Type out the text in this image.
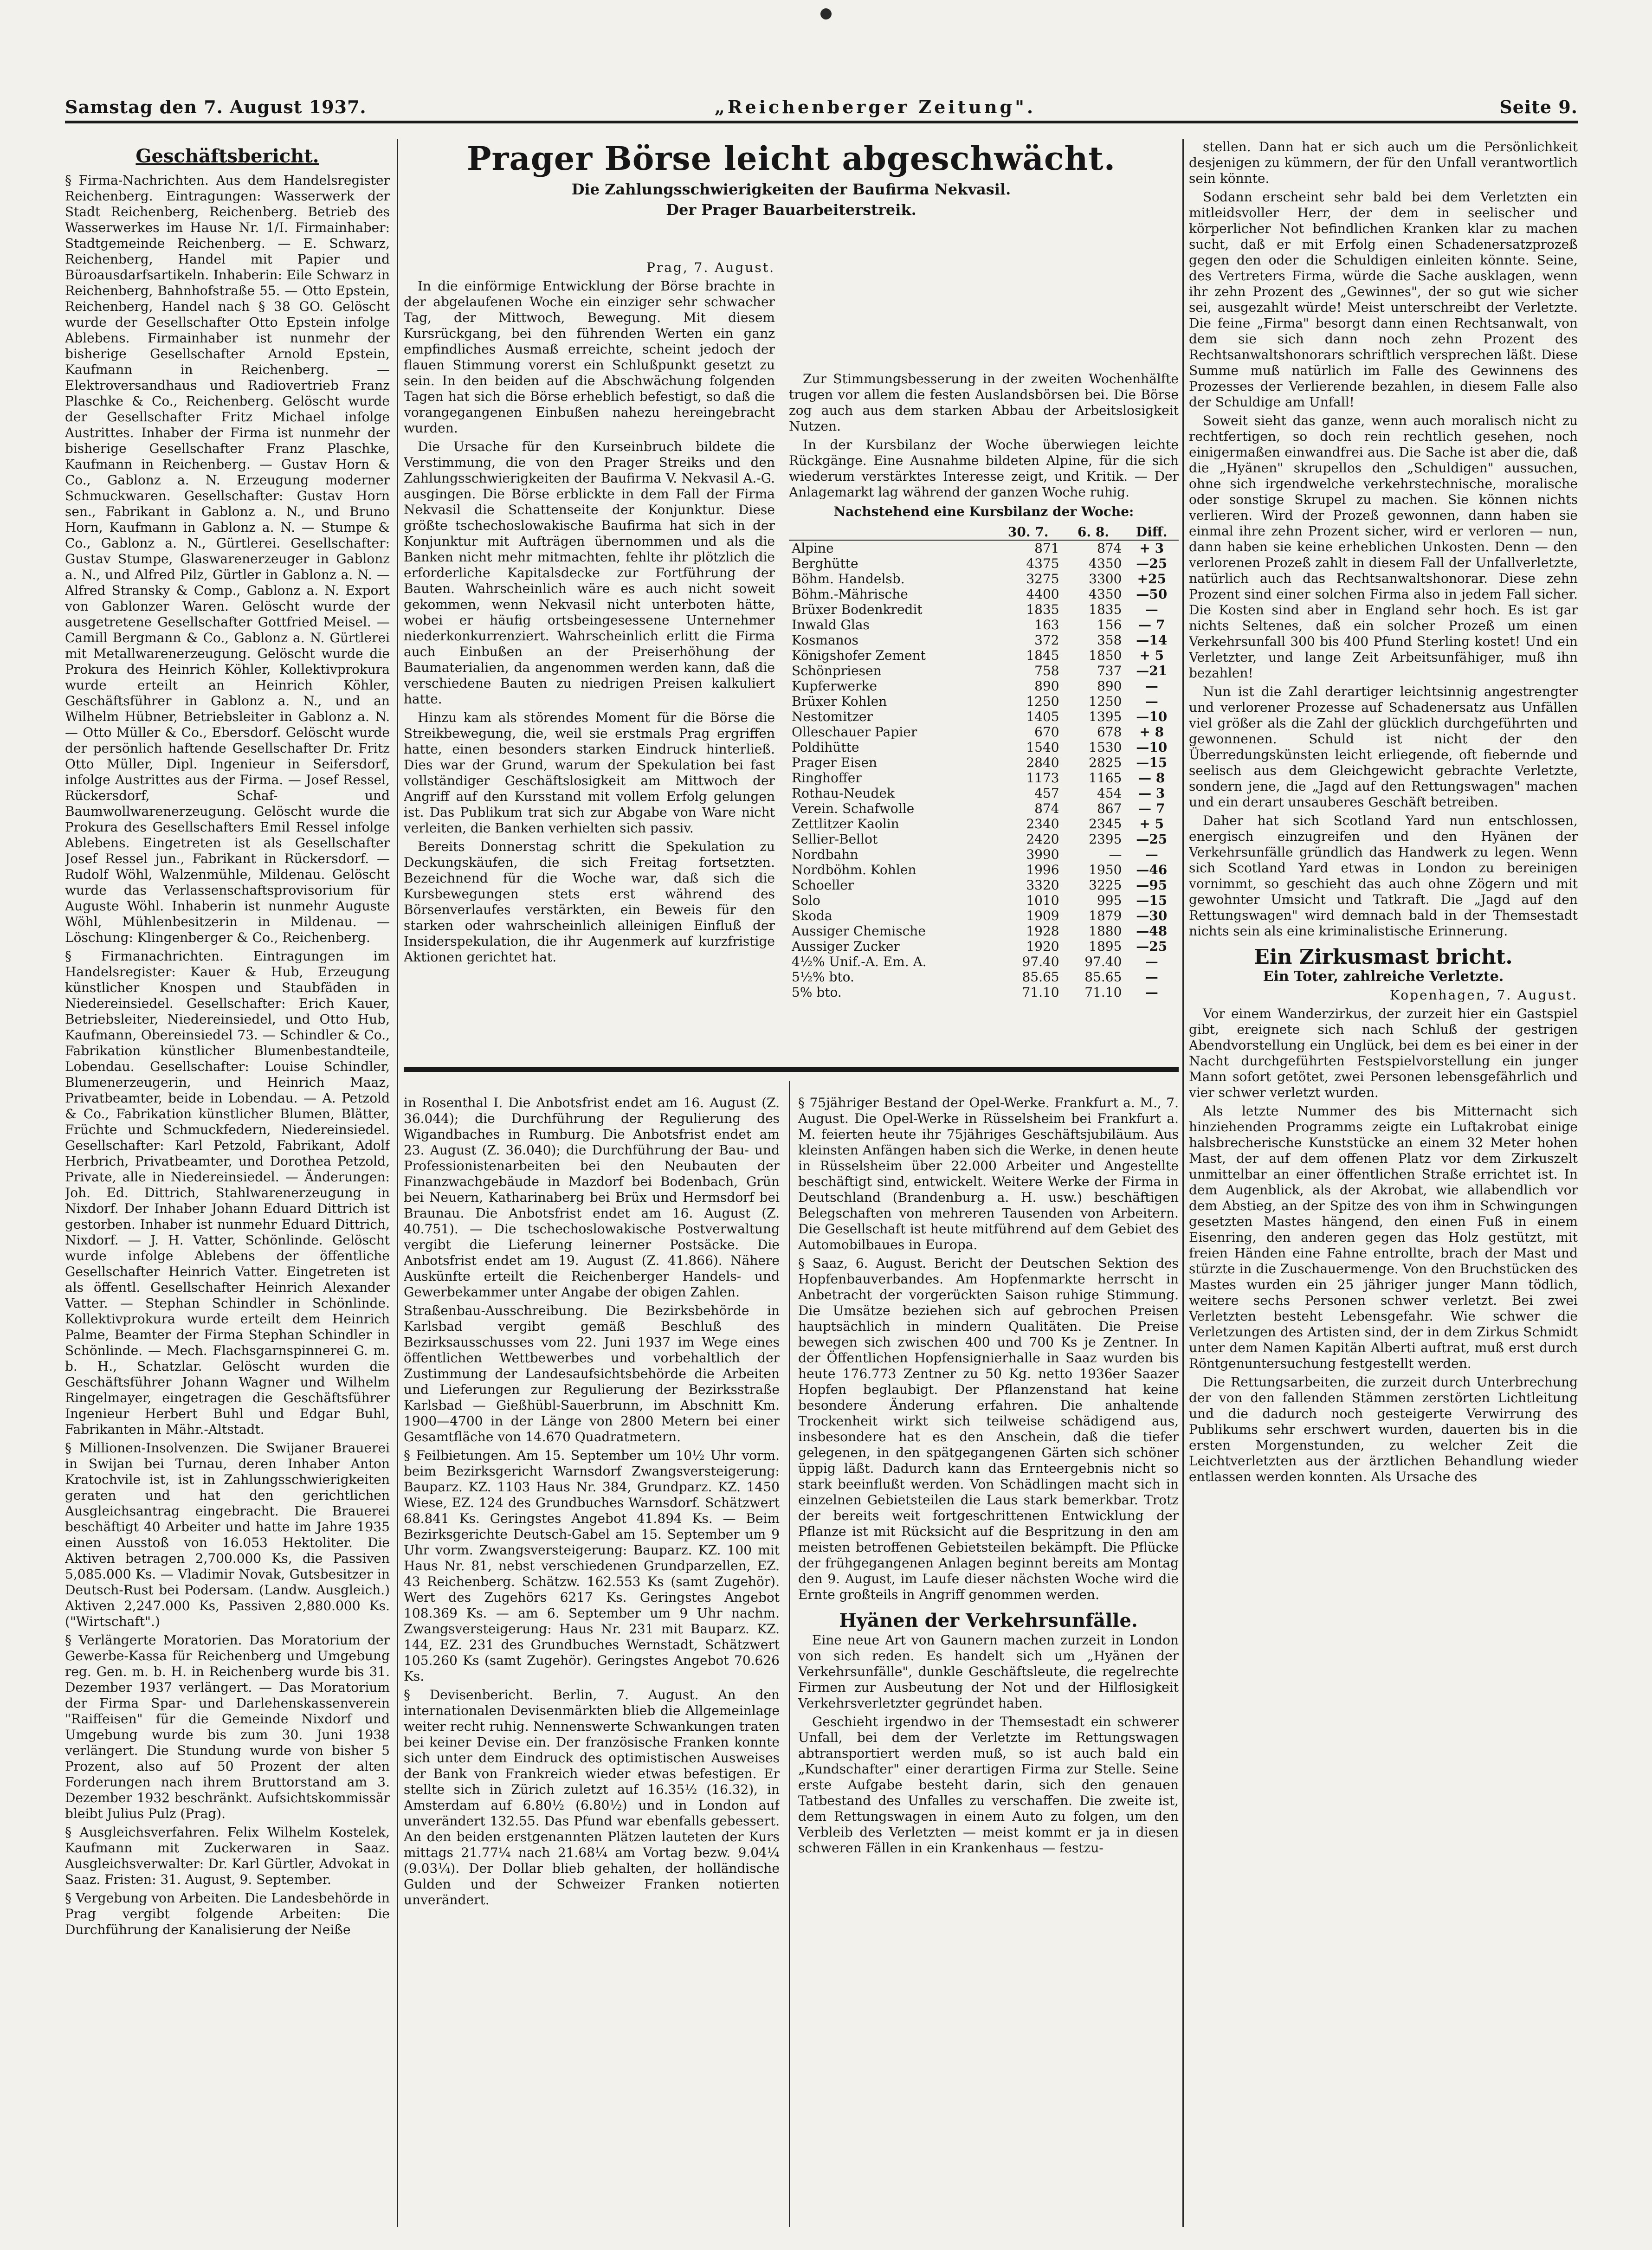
Samstag den 7. August 1937.	„Reichenberger Zeitung".	Seite 9.
Geschäftsbericht.

§ Firma-Nachrichten. Aus dem Handelsregister Reichenberg. Eintragungen: Wasserwerk der Stadt Reichenberg, Reichenberg. Betrieb des Wasserwerkes im Hause Nr. 1/I. Firmainhaber: Stadtgemeinde Reichenberg. — E. Schwarz, Reichenberg, Handel mit Papier und Büroausdarfsartikeln. Inhaberin: Eile Schwarz in Reichenberg, Bahnhofstraße 55. — Otto Epstein, Reichenberg, Handel nach § 38 GO. Gelöscht wurde der Gesellschafter Otto Epstein infolge Ablebens. Firmainhaber ist nunmehr der bisherige Gesellschafter Arnold Epstein, Kaufmann in Reichenberg. — Elektroversandhaus und Radiovertrieb Franz Plaschke & Co., Reichenberg. Gelöscht wurde der Gesellschafter Fritz Michael infolge Austrittes. Inhaber der Firma ist nunmehr der bisherige Gesellschafter Franz Plaschke, Kaufmann in Reichenberg. — Gustav Horn & Co., Gablonz a. N. Erzeugung moderner Schmuckwaren. Gesellschafter: Gustav Horn sen., Fabrikant in Gablonz a. N., und Bruno Horn, Kaufmann in Gablonz a. N. — Stumpe & Co., Gablonz a. N., Gürtlerei. Gesellschafter: Gustav Stumpe, Glaswarenerzeuger in Gablonz a. N., und Alfred Pilz, Gürtler in Gablonz a. N. — Alfred Stransky & Comp., Gablonz a. N. Export von Gablonzer Waren. Gelöscht wurde der ausgetretene Gesellschafter Gottfried Meisel. — Camill Bergmann & Co., Gablonz a. N. Gürtlerei mit Metallwarenerzeugung. Gelöscht wurde die Prokura des Heinrich Köhler, Kollektivprokura wurde erteilt an Heinrich Köhler, Geschäftsführer in Gablonz a. N., und an Wilhelm Hübner, Betriebsleiter in Gablonz a. N. — Otto Müller & Co., Ebersdorf. Gelöscht wurde der persönlich haftende Gesellschafter Dr. Fritz Otto Müller, Dipl. Ingenieur in Seifersdorf, infolge Austrittes aus der Firma. — Josef Ressel, Rückersdorf, Schaf- und Baumwollwarenerzeugung. Gelöscht wurde die Prokura des Gesellschafters Emil Ressel infolge Ablebens. Eingetreten ist als Gesellschafter Josef Ressel jun., Fabrikant in Rückersdorf. — Rudolf Wöhl, Walzenmühle, Mildenau. Gelöscht wurde das Verlassenschaftsprovisorium für Auguste Wöhl. Inhaberin ist nunmehr Auguste Wöhl, Mühlenbesitzerin in Mildenau. — Löschung: Klingenberger & Co., Reichenberg.

§ Firmanachrichten. Eintragungen im Handelsregister: Kauer & Hub, Erzeugung künstlicher Knospen und Staubfäden in Niedereinsiedel. Gesellschafter: Erich Kauer, Betriebsleiter, Niedereinsiedel, und Otto Hub, Kaufmann, Obereinsiedel 73. — Schindler & Co., Fabrikation künstlicher Blumenbestandteile, Lobendau. Gesellschafter: Louise Schindler, Blumenerzeugerin, und Heinrich Maaz, Privatbeamter, beide in Lobendau. — A. Petzold & Co., Fabrikation künstlicher Blumen, Blätter, Früchte und Schmuckfedern, Niedereinsiedel. Gesellschafter: Karl Petzold, Fabrikant, Adolf Herbrich, Privatbeamter, und Dorothea Petzold, Private, alle in Niedereinsiedel. — Änderungen: Joh. Ed. Dittrich, Stahlwarenerzeugung in Nixdorf. Der Inhaber Johann Eduard Dittrich ist gestorben. Inhaber ist nunmehr Eduard Dittrich, Nixdorf. — J. H. Vatter, Schönlinde. Gelöscht wurde infolge Ablebens der öffentliche Gesellschafter Heinrich Vatter. Eingetreten ist als öffentl. Gesellschafter Heinrich Alexander Vatter. — Stephan Schindler in Schönlinde. Kollektivprokura wurde erteilt dem Heinrich Palme, Beamter der Firma Stephan Schindler in Schönlinde. — Mech. Flachsgarnspinnerei G. m. b. H., Schatzlar. Gelöscht wurden die Geschäftsführer Johann Wagner und Wilhelm Ringelmayer, eingetragen die Geschäftsführer Ingenieur Herbert Buhl und Edgar Buhl, Fabrikanten in Mähr.-Altstadt.

§ Millionen-Insolvenzen. Die Swijaner Brauerei in Swijan bei Turnau, deren Inhaber Anton Kratochvile ist, ist in Zahlungsschwierigkeiten geraten und hat den gerichtlichen Ausgleichsantrag eingebracht. Die Brauerei beschäftigt 40 Arbeiter und hatte im Jahre 1935 einen Ausstoß von 16.053 Hektoliter. Die Aktiven betragen 2,700.000 Ks, die Passiven 5,085.000 Ks. — Vladimir Novak, Gutsbesitzer in Deutsch-Rust bei Podersam. (Landw. Ausgleich.) Aktiven 2,247.000 Ks, Passiven 2,880.000 Ks. ("Wirtschaft".)

§ Verlängerte Moratorien. Das Moratorium der Gewerbe-Kassa für Reichenberg und Umgebung reg. Gen. m. b. H. in Reichenberg wurde bis 31. Dezember 1937 verlängert. — Das Moratorium der Firma Spar- und Darlehenskassenverein "Raiffeisen" für die Gemeinde Nixdorf und Umgebung wurde bis zum 30. Juni 1938 verlängert. Die Stundung wurde von bisher 5 Prozent, also auf 50 Prozent der alten Forderungen nach ihrem Bruttorstand am 3. Dezember 1932 beschränkt. Aufsichtskommissär bleibt Julius Pulz (Prag).

§ Ausgleichsverfahren. Felix Wilhelm Kostelek, Kaufmann mit Zuckerwaren in Saaz. Ausgleichsverwalter: Dr. Karl Gürtler, Advokat in Saaz. Fristen: 31. August, 9. September.

§ Vergebung von Arbeiten. Die Landesbehörde in Prag vergibt folgende Arbeiten: Die Durchführung der Kanalisierung der Neiße

Prager Börse leicht abgeschwächt.
Die Zahlungsschwierigkeiten der Baufirma Nekvasil.
Der Prager Bauarbeiterstreik.

Prag, 7. August.

In die einförmige Entwicklung der Börse brachte in der abgelaufenen Woche ein einziger sehr schwacher Tag, der Mittwoch, Bewegung. Mit diesem Kursrückgang, bei den führenden Werten ein ganz empfindliches Ausmaß erreichte, scheint jedoch der flauen Stimmung vorerst ein Schlußpunkt gesetzt zu sein. In den beiden auf die Abschwächung folgenden Tagen hat sich die Börse erheblich befestigt, so daß die vorangegangenen Einbußen nahezu hereingebracht wurden.

Die Ursache für den Kurseinbruch bildete die Verstimmung, die von den Prager Streiks und den Zahlungsschwierigkeiten der Baufirma V. Nekvasil A.-G. ausgingen. Die Börse erblickte in dem Fall der Firma Nekvasil die Schattenseite der Konjunktur. Diese größte tschechoslowakische Baufirma hat sich in der Konjunktur mit Aufträgen übernommen und als die Banken nicht mehr mitmachten, fehlte ihr plötzlich die erforderliche Kapitalsdecke zur Fortführung der Bauten. Wahrscheinlich wäre es auch nicht soweit gekommen, wenn Nekvasil nicht unterboten hätte, wobei er häufig ortsbeingesessene Unternehmer niederkonkurrenziert. Wahrscheinlich erlitt die Firma auch Einbußen an der Preiserhöhung der Baumaterialien, da angenommen werden kann, daß die verschiedene Bauten zu niedrigen Preisen kalkuliert hatte.

Hinzu kam als störendes Moment für die Börse die Streikbewegung, die, weil sie erstmals Prag ergriffen hatte, einen besonders starken Eindruck hinterließ. Dies war der Grund, warum der Spekulation bei fast vollständiger Geschäftslosigkeit am Mittwoch der Angriff auf den Kursstand mit vollem Erfolg gelungen ist. Das Publikum trat sich zur Abgabe von Ware nicht verleiten, die Banken verhielten sich passiv.

Bereits Donnerstag schritt die Spekulation zu Deckungskäufen, die sich Freitag fortsetzten. Bezeichnend für die Woche war, daß sich die Kursbewegungen stets erst während des Börsenverlaufes verstärkten, ein Beweis für den starken oder wahrscheinlich alleinigen Einfluß der Insiderspekulation, die ihr Augenmerk auf kurzfristige Aktionen gerichtet hat.

Zur Stimmungsbesserung in der zweiten Wochenhälfte trugen vor allem die festen Auslandsbörsen bei. Die Börse zog auch aus dem starken Abbau der Arbeitslosigkeit Nutzen.

In der Kursbilanz der Woche überwiegen leichte Rückgänge. Eine Ausnahme bildeten Alpine, für die sich wiederum verstärktes Interesse zeigt, und Kritik. — Der Anlagemarkt lag während der ganzen Woche ruhig.

Nachstehend eine Kursbilanz der Woche:
	30. 7.	6. 8.	Diff.
Alpine	871	874	+ 3
Berghütte	4375	4350	—25
Böhm. Handelsb.	3275	3300	+25
Böhm.-Mährische	4400	4350	—50
Brüxer Bodenkredit	1835	1835	—
Inwald Glas	163	156	— 7
Kosmanos	372	358	—14
Königshofer Zement	1845	1850	+ 5
Schönpriesen	758	737	—21
Kupferwerke	890	890	—
Brüxer Kohlen	1250	1250	—
Nestomitzer	1405	1395	—10
Olleschauer Papier	670	678	+ 8
Poldihütte	1540	1530	—10
Prager Eisen	2840	2825	—15
Ringhoffer	1173	1165	— 8
Rothau-Neudek	457	454	— 3
Verein. Schafwolle	874	867	— 7
Zettlitzer Kaolin	2340	2345	+ 5
Sellier-Bellot	2420	2395	—25
Nordbahn	3990	—	—
Nordböhm. Kohlen	1996	1950	—46
Schoeller	3320	3225	—95
Solo	1010	995	—15
Skoda	1909	1879	—30
Aussiger Chemische	1928	1880	—48
Aussiger Zucker	1920	1895	—25
4½% Unif.-A. Em. A.	97.40	97.40	—
5½% bto.	85.65	85.65	—
5% bto.	71.10	71.10	—

in Rosenthal I. Die Anbotsfrist endet am 16. August (Z. 36.044); die Durchführung der Regulierung des Wigandbaches in Rumburg. Die Anbotsfrist endet am 23. August (Z. 36.040); die Durchführung der Bau- und Professionistenarbeiten bei den Neubauten der Finanzwachgebäude in Mazdorf bei Bodenbach, Grün bei Neuern, Katharinaberg bei Brüx und Hermsdorf bei Braunau. Die Anbotsfrist endet am 16. August (Z. 40.751). — Die tschechoslowakische Postverwaltung vergibt die Lieferung leinerner Postsäcke. Die Anbotsfrist endet am 19. August (Z. 41.866). Nähere Auskünfte erteilt die Reichenberger Handels- und Gewerbekammer unter Angabe der obigen Zahlen.

Straßenbau-Ausschreibung. Die Bezirksbehörde in Karlsbad vergibt gemäß Beschluß des Bezirksausschusses vom 22. Juni 1937 im Wege eines öffentlichen Wettbewerbes und vorbehaltlich der Zustimmung der Landesaufsichtsbehörde die Arbeiten und Lieferungen zur Regulierung der Bezirksstraße Karlsbad — Gießhübl-Sauerbrunn, im Abschnitt Km. 1900—4700 in der Länge von 2800 Metern bei einer Gesamtfläche von 14.670 Quadratmetern.

§ Feilbietungen. Am 15. September um 10½ Uhr vorm. beim Bezirksgericht Warnsdorf Zwangsversteigerung: Bauparz. KZ. 1103 Haus Nr. 384, Grundparz. KZ. 1450 Wiese, EZ. 124 des Grundbuches Warnsdorf. Schätzwert 68.841 Ks. Geringstes Angebot 41.894 Ks. — Beim Bezirksgerichte Deutsch-Gabel am 15. September um 9 Uhr vorm. Zwangsversteigerung: Bauparz. KZ. 100 mit Haus Nr. 81, nebst verschiedenen Grundparzellen, EZ. 43 Reichenberg. Schätzw. 162.553 Ks (samt Zugehör). Wert des Zugehörs 6217 Ks. Geringstes Angebot 108.369 Ks. — am 6. September um 9 Uhr nachm. Zwangsversteigerung: Haus Nr. 231 mit Bauparz. KZ. 144, EZ. 231 des Grundbuches Wernstadt, Schätzwert 105.260 Ks (samt Zugehör). Geringstes Angebot 70.626 Ks.

§ Devisenbericht. Berlin, 7. August. An den internationalen Devisenmärkten blieb die Allgemeinlage weiter recht ruhig. Nennenswerte Schwankungen traten bei keiner Devise ein. Der französische Franken konnte sich unter dem Eindruck des optimistischen Ausweises der Bank von Frankreich wieder etwas befestigen. Er stellte sich in Zürich zuletzt auf 16.35½ (16.32), in Amsterdam auf 6.80½ (6.80½) und in London auf unverändert 132.55. Das Pfund war ebenfalls gebessert. An den beiden erstgenannten Plätzen lauteten der Kurs mittags 21.77¼ nach 21.68¼ am Vortag bezw. 9.04¼ (9.03¼). Der Dollar blieb gehalten, der holländische Gulden und der Schweizer Franken notierten unverändert.

§ 75jähriger Bestand der Opel-Werke. Frankfurt a. M., 7. August. Die Opel-Werke in Rüsselsheim bei Frankfurt a. M. feierten heute ihr 75jähriges Geschäftsjubiläum. Aus kleinsten Anfängen haben sich die Werke, in denen heute in Rüsselsheim über 22.000 Arbeiter und Angestellte beschäftigt sind, entwickelt. Weitere Werke der Firma in Deutschland (Brandenburg a. H. usw.) beschäftigen Belegschaften von mehreren Tausenden von Arbeitern. Die Gesellschaft ist heute mitführend auf dem Gebiet des Automobilbaues in Europa.

§ Saaz, 6. August. Bericht der Deutschen Sektion des Hopfenbauverbandes. Am Hopfenmarkte herrscht in Anbetracht der vorgerückten Saison ruhige Stimmung. Die Umsätze beziehen sich auf gebrochen Preisen hauptsächlich in mindern Qualitäten. Die Preise bewegen sich zwischen 400 und 700 Ks je Zentner. In der Öffentlichen Hopfensignierhalle in Saaz wurden bis heute 176.773 Zentner zu 50 Kg. netto 1936er Saazer Hopfen beglaubigt. Der Pflanzenstand hat keine besondere Änderung erfahren. Die anhaltende Trockenheit wirkt sich teilweise schädigend aus, insbesondere hat es den Anschein, daß die tiefer gelegenen, in den spätgegangenen Gärten sich schöner üppig läßt. Dadurch kann das Ernteergebnis nicht so stark beeinflußt werden. Von Schädlingen macht sich in einzelnen Gebietsteilen die Laus stark bemerkbar. Trotz der bereits weit fortgeschrittenen Entwicklung der Pflanze ist mit Rücksicht auf die Bespritzung in den am meisten betroffenen Gebietsteilen bekämpft. Die Pflücke der frühgegangenen Anlagen beginnt bereits am Montag den 9. August, im Laufe dieser nächsten Woche wird die Ernte großteils in Angriff genommen werden.

Hyänen der Verkehrsunfälle.

Eine neue Art von Gaunern machen zurzeit in London von sich reden. Es handelt sich um „Hyänen der Verkehrsunfälle", dunkle Geschäftsleute, die regelrechte Firmen zur Ausbeutung der Not und der Hilflosigkeit Verkehrsverletzter gegründet haben.

Geschieht irgendwo in der Themsestadt ein schwerer Unfall, bei dem der Verletzte im Rettungswagen abtransportiert werden muß, so ist auch bald ein „Kundschafter" einer derartigen Firma zur Stelle. Seine erste Aufgabe besteht darin, sich den genauen Tatbestand des Unfalles zu verschaffen. Die zweite ist, dem Rettungswagen in einem Auto zu folgen, um den Verbleib des Verletzten — meist kommt er ja in diesen schweren Fällen in ein Krankenhaus — festzu-

stellen. Dann hat er sich auch um die Persönlichkeit desjenigen zu kümmern, der für den Unfall verantwortlich sein könnte.

Sodann erscheint sehr bald bei dem Verletzten ein mitleidsvoller Herr, der dem in seelischer und körperlicher Not befindlichen Kranken klar zu machen sucht, daß er mit Erfolg einen Schadenersatzprozeß gegen den oder die Schuldigen einleiten könnte. Seine, des Vertreters Firma, würde die Sache ausklagen, wenn ihr zehn Prozent des „Gewinnes", der so gut wie sicher sei, ausgezahlt würde! Meist unterschreibt der Verletzte. Die feine „Firma" besorgt dann einen Rechtsanwalt, von dem sie sich dann noch zehn Prozent des Rechtsanwaltshonorars schriftlich versprechen läßt. Diese Summe muß natürlich im Falle des Gewinnens des Prozesses der Verlierende bezahlen, in diesem Falle also der Schuldige am Unfall!

Soweit sieht das ganze, wenn auch moralisch nicht zu rechtfertigen, so doch rein rechtlich gesehen, noch einigermaßen einwandfrei aus. Die Sache ist aber die, daß die „Hyänen" skrupellos den „Schuldigen" aussuchen, ohne sich irgendwelche verkehrstechnische, moralische oder sonstige Skrupel zu machen. Sie können nichts verlieren. Wird der Prozeß gewonnen, dann haben sie einmal ihre zehn Prozent sicher, wird er verloren — nun, dann haben sie keine erheblichen Unkosten. Denn — den verlorenen Prozeß zahlt in diesem Fall der Unfallverletzte, natürlich auch das Rechtsanwaltshonorar. Diese zehn Prozent sind einer solchen Firma also in jedem Fall sicher. Die Kosten sind aber in England sehr hoch. Es ist gar nichts Seltenes, daß ein solcher Prozeß um einen Verkehrsunfall 300 bis 400 Pfund Sterling kostet! Und ein Verletzter, und lange Zeit Arbeitsunfähiger, muß ihn bezahlen!

Nun ist die Zahl derartiger leichtsinnig angestrengter und verlorener Prozesse auf Schadenersatz aus Unfällen viel größer als die Zahl der glücklich durchgeführten und gewonnenen. Schuld ist nicht der den Überredungskünsten leicht erliegende, oft fiebernde und seelisch aus dem Gleichgewicht gebrachte Verletzte, sondern jene, die „Jagd auf den Rettungswagen" machen und ein derart unsauberes Geschäft betreiben.

Daher hat sich Scotland Yard nun entschlossen, energisch einzugreifen und den Hyänen der Verkehrsunfälle gründlich das Handwerk zu legen. Wenn sich Scotland Yard etwas in London zu bereinigen vornimmt, so geschieht das auch ohne Zögern und mit gewohnter Umsicht und Tatkraft. Die „Jagd auf den Rettungswagen" wird demnach bald in der Themsestadt nichts sein als eine kriminalistische Erinnerung.

Ein Zirkusmast bricht.
Ein Toter, zahlreiche Verletzte.

Kopenhagen, 7. August.

Vor einem Wanderzirkus, der zurzeit hier ein Gastspiel gibt, ereignete sich nach Schluß der gestrigen Abendvorstellung ein Unglück, bei dem es bei einer in der Nacht durchgeführten Festspielvorstellung ein junger Mann sofort getötet, zwei Personen lebensgefährlich und vier schwer verletzt wurden.

Als letzte Nummer des bis Mitternacht sich hinziehenden Programms zeigte ein Luftakrobat einige halsbrecherische Kunststücke an einem 32 Meter hohen Mast, der auf dem offenen Platz vor dem Zirkuszelt unmittelbar an einer öffentlichen Straße errichtet ist. In dem Augenblick, als der Akrobat, wie allabendlich vor dem Abstieg, an der Spitze des von ihm in Schwingungen gesetzten Mastes hängend, den einen Fuß in einem Eisenring, den anderen gegen das Holz gestützt, mit freien Händen eine Fahne entrollte, brach der Mast und stürzte in die Zuschauermenge. Von den Bruchstücken des Mastes wurden ein 25 jähriger junger Mann tödlich, weitere sechs Personen schwer verletzt. Bei zwei Verletzten besteht Lebensgefahr. Wie schwer die Verletzungen des Artisten sind, der in dem Zirkus Schmidt unter dem Namen Kapitän Alberti auftrat, muß erst durch Röntgenuntersuchung festgestellt werden.

Die Rettungsarbeiten, die zurzeit durch Unterbrechung der von den fallenden Stämmen zerstörten Lichtleitung und die dadurch noch gesteigerte Verwirrung des Publikums sehr erschwert wurden, dauerten bis in die ersten Morgenstunden, zu welcher Zeit die Leichtverletzten aus der ärztlichen Behandlung wieder entlassen werden konnten. Als Ursache des
